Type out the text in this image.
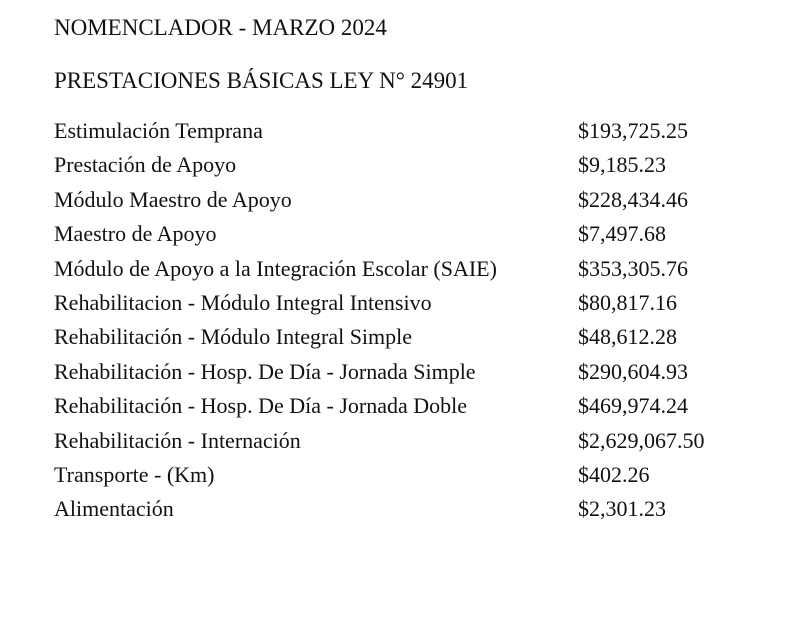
NOMENCLADOR - MARZO 2024
PRESTACIONES BÁSICAS LEY N° 24901
Estimulación Temprana	$193,725.25
Prestación de Apoyo	$9,185.23
Módulo Maestro de Apoyo	$228,434.46
Maestro de Apoyo	$7,497.68
Módulo de Apoyo a la Integración Escolar (SAIE)	$353,305.76
Rehabilitacion - Módulo Integral Intensivo	$80,817.16
Rehabilitación - Módulo Integral Simple	$48,612.28
Rehabilitación - Hosp. De Día - Jornada Simple	$290,604.93
Rehabilitación - Hosp. De Día - Jornada Doble	$469,974.24
Rehabilitación - Internación	$2,629,067.50
Transporte - (Km)	$402.26
Alimentación	$2,301.23
